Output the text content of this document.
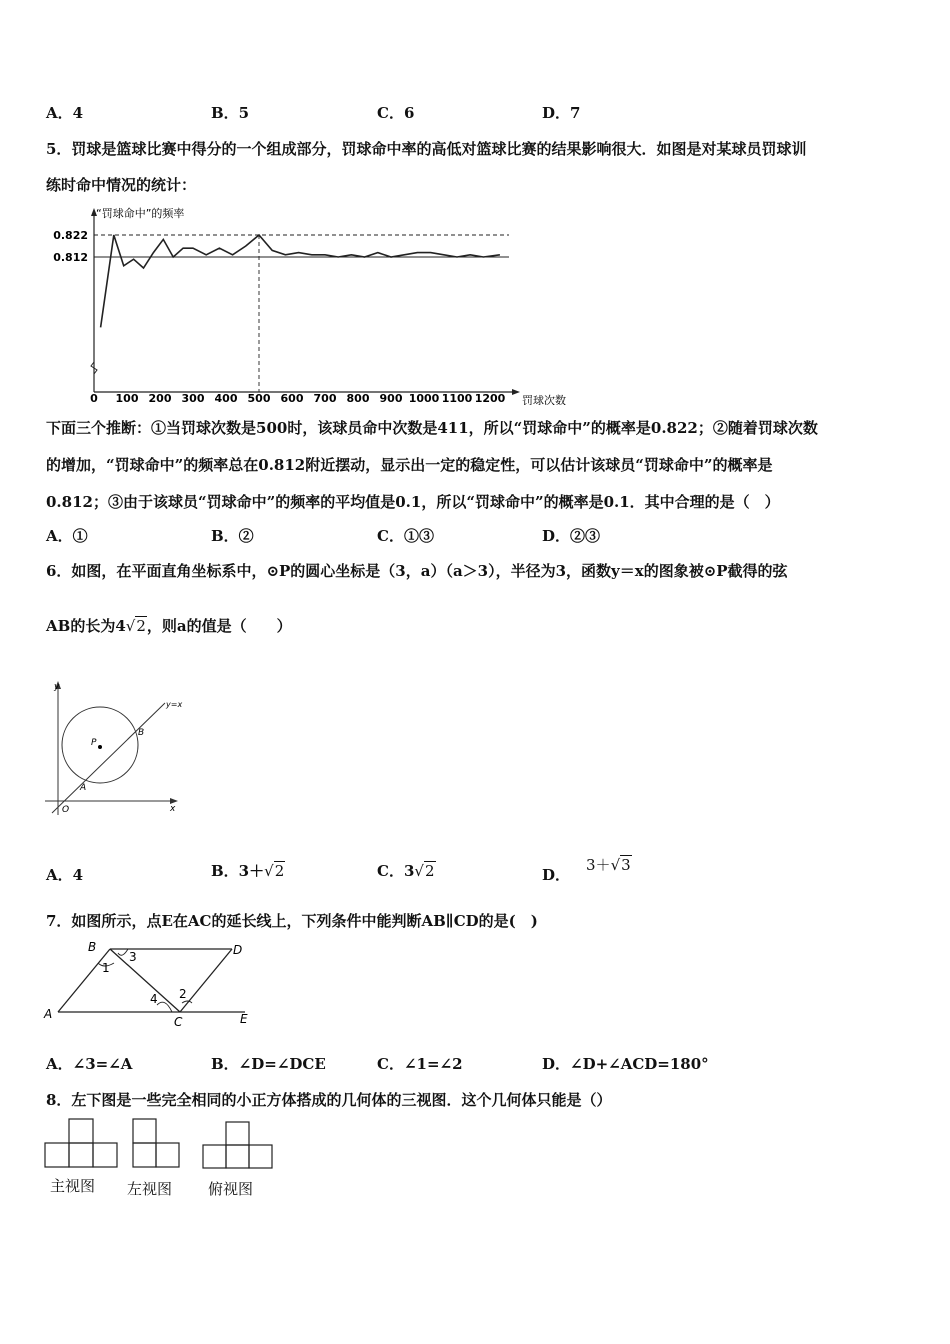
A．4	B．5	C．6	D．7
5．罚球是篮球比赛中得分的一个组成部分，罚球命中率的高低对篮球比赛的结果影响很大．如图是对某球员罚球训
练时命中情况的统计：
0.822
0.812
0 100 200 300 400 500 600 700 800 900 1000 1100 1200
“罚球命中”的频率
罚球次数
下面三个推断：①当罚球次数是500时，该球员命中次数是411，所以“罚球命中”的概率是0.822；②随着罚球次数
的增加，“罚球命中”的频率总在0.812附近摆动，显示出一定的稳定性，可以估计该球员“罚球命中”的概率是
0.812；③由于该球员“罚球命中”的频率的平均值是0.1，所以“罚球命中”的概率是0.1．其中合理的是（　）
A．①	B．②	C．①③	D．②③
6．如图，在平面直角坐标系中，⊙P的圆心坐标是（3，a）（a＞3），半径为3，函数y＝x的图象被⊙P截得的弦
AB的长为4√2，则a的值是（　　）
y
x
O
y=x
P
A
B
A．4	B．3＋√2	C．3√2	D．3＋√3
7．如图所示，点E在AC的延长线上，下列条件中能判断AB∥CD的是(　)
B	D
A
C	E
1
2
3
4
A．∠3=∠A	B．∠D=∠DCE	C．∠1=∠2	D．∠D+∠ACD=180°
8．左下图是一些完全相同的小正方体搭成的几何体的三视图．这个几何体只能是（）
主视图 左视图 俯视图
